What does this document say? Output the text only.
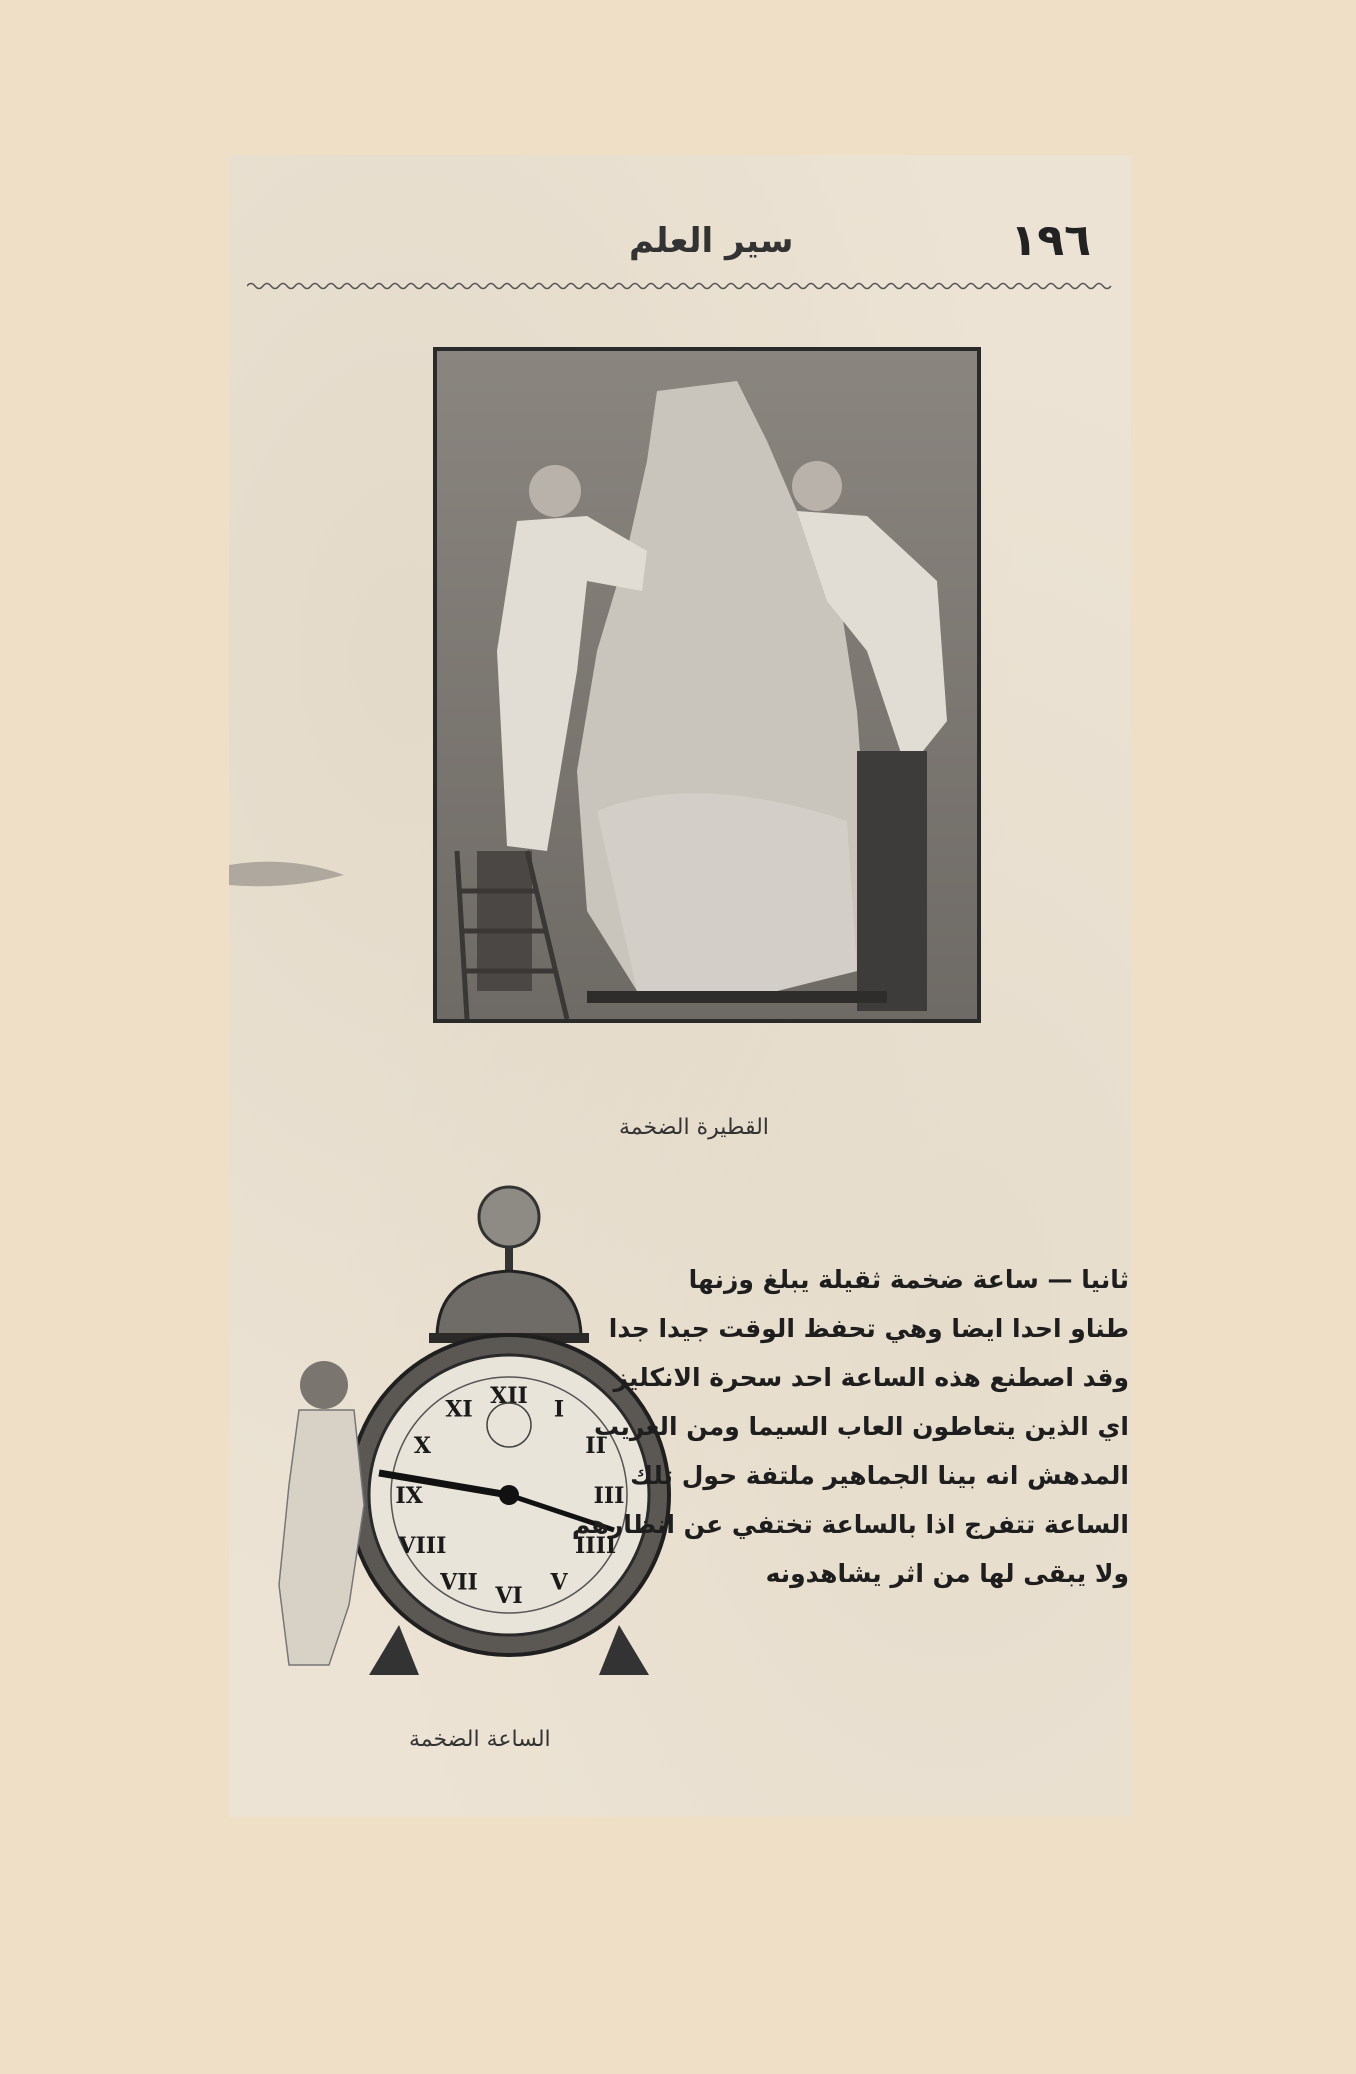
سير العلم	١٩٦
القطيرة الضخمة
XII
I
II
III
IIII
V
VI
VII
VIII
IX
X
XI
الساعة الضخمة
ثانيا — ساعة ضخمة ثقيلة يبلغ وزنها
طناو احدا ايضا وهي تحفظ الوقت جيدا جدا
وقد اصطنع هذه الساعة احد سحرة الانكليز
اي الذين يتعاطون العاب السيما ومن الغريب
المدهش انه بينا الجماهير ملتفة حول تلك
الساعة تتفرج اذا بالساعة تختفي عن انظارهم
ولا يبقى لها من اثر يشاهدونه
